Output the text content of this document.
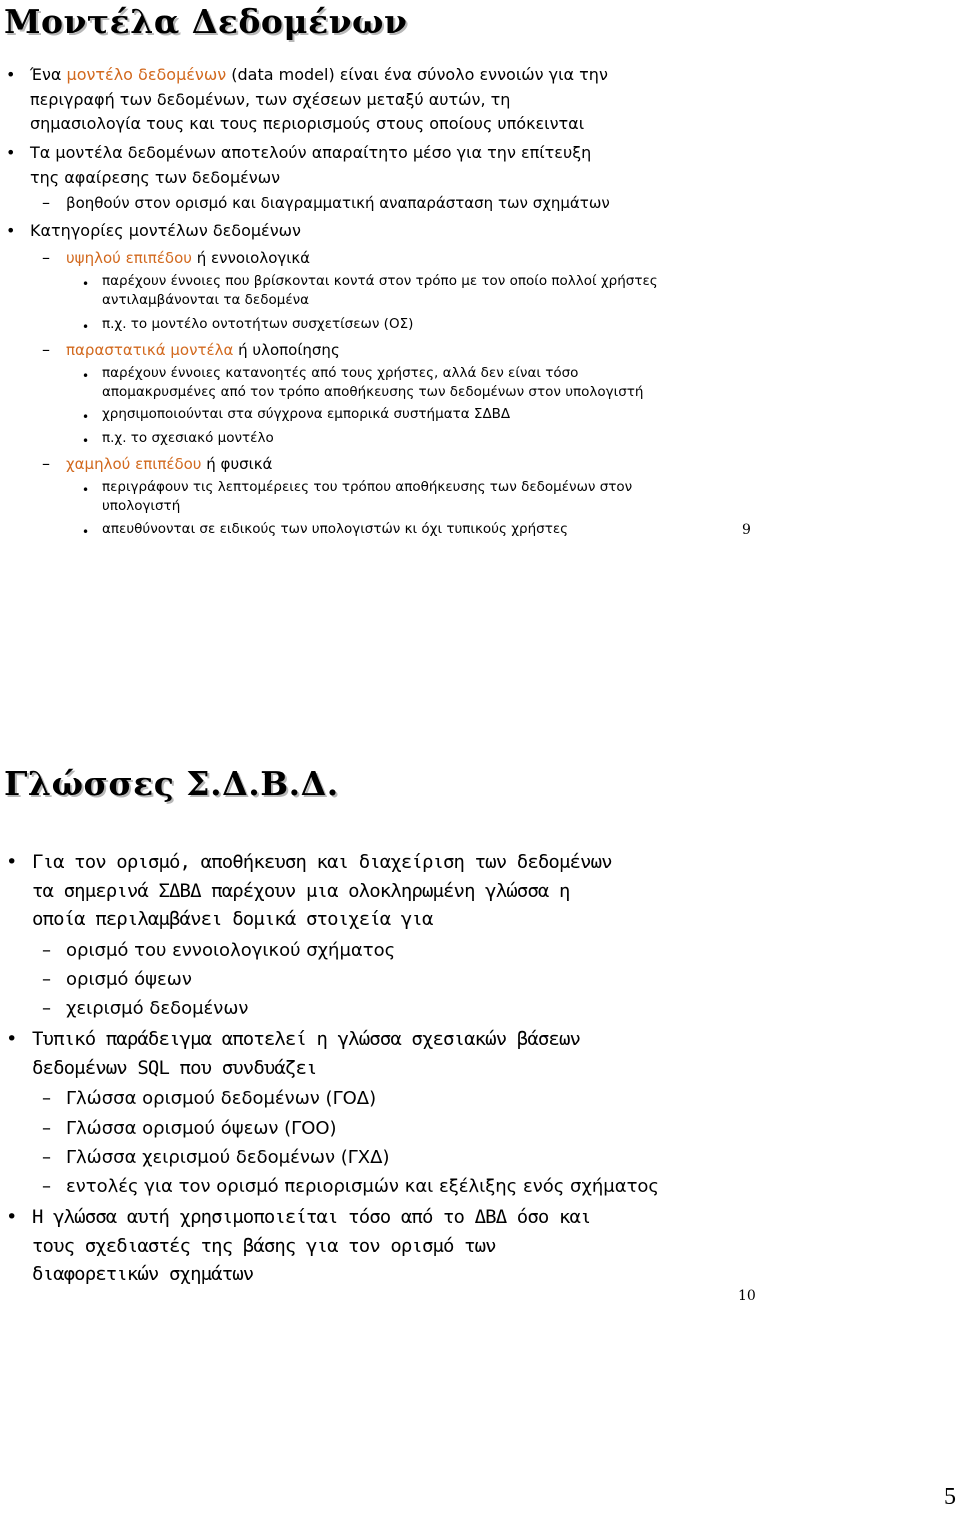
Μοντέλα Δεδομένων
• Ένα μοντέλο δεδομένων (data model) είναι ένα σύνολο εννοιών για την
περιγραφή των δεδομένων, των σχέσεων μεταξύ αυτών, τη
σημασιολογία τους και τους περιορισμούς στους οποίους υπόκεινται
• Τα μοντέλα δεδομένων αποτελούν απαραίτητο μέσο για την επίτευξη
της αφαίρεσης των δεδομένων
– βοηθούν στον ορισμό και διαγραμματική αναπαράσταση των σχημάτων
• Κατηγορίες μοντέλων δεδομένων
– υψηλού επιπέδου ή εννοιολογικά
• παρέχουν έννοιες που βρίσκονται κοντά στον τρόπο με τον οποίο πολλοί χρήστες
αντιλαμβάνονται τα δεδομένα
• π.χ. το μοντέλο οντοτήτων συσχετίσεων (ΟΣ)
– παραστατικά μοντέλα ή υλοποίησης
• παρέχουν έννοιες κατανοητές από τους χρήστες, αλλά δεν είναι τόσο
απομακρυσμένες από τον τρόπο αποθήκευσης των δεδομένων στον υπολογιστή
• χρησιμοποιούνται στα σύγχρονα εμπορικά συστήματα ΣΔΒΔ
• π.χ. το σχεσιακό μοντέλο
– χαμηλού επιπέδου ή φυσικά
• περιγράφουν τις λεπτομέρειες του τρόπου αποθήκευσης των δεδομένων στον
υπολογιστή
• απευθύνονται σε ειδικούς των υπολογιστών κι όχι τυπικούς χρήστες	9
Γλώσσες Σ.Δ.Β.Δ.
• Για τον ορισμό, αποθήκευση και διαχείριση των δεδομένων
τα σημερινά ΣΔΒΔ παρέχουν μια ολοκληρωμένη γλώσσα η
οποία περιλαμβάνει δομικά στοιχεία για
– ορισμό του εννοιολογικού σχήματος
– ορισμό όψεων
– χειρισμό δεδομένων
• Τυπικό παράδειγμα αποτελεί η γλώσσα σχεσιακών βάσεων
δεδομένων SQL που συνδυάζει
– Γλώσσα ορισμού δεδομένων (ΓΟΔ)
– Γλώσσα ορισμού όψεων (ΓΟΟ)
– Γλώσσα χειρισμού δεδομένων (ΓΧΔ)
– εντολές για τον ορισμό περιορισμών και εξέλιξης ενός σχήματος
• Η γλώσσα αυτή χρησιμοποιείται τόσο από το ΔΒΔ όσο και
τους σχεδιαστές της βάσης για τον ορισμό των
διαφορετικών σχημάτων
10
5
